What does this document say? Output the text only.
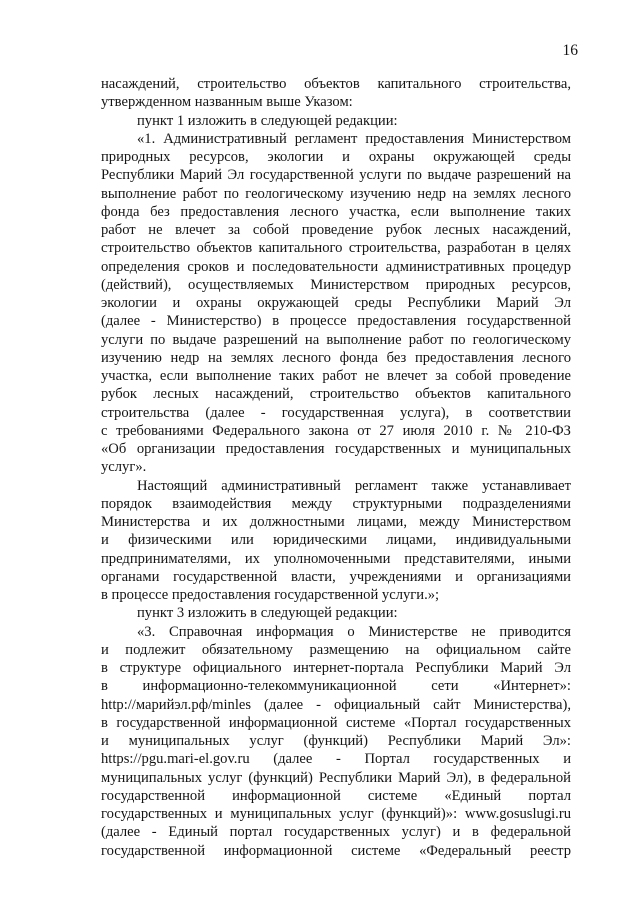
16
насаждений, строительство объектов капитального строительства,
утвержденном названным выше Указом:
пункт 1 изложить в следующей редакции:
«1. Административный регламент предоставления Министерством
природных ресурсов, экологии и охраны окружающей среды
Республики Марий Эл государственной услуги по выдаче разрешений на
выполнение работ по геологическому изучению недр на землях лесного
фонда без предоставления лесного участка, если выполнение таких
работ не влечет за собой проведение рубок лесных насаждений,
строительство объектов капитального строительства, разработан в целях
определения сроков и последовательности административных процедур
(действий), осуществляемых Министерством природных ресурсов,
экологии и охраны окружающей среды Республики Марий Эл
(далее - Министерство) в процессе предоставления государственной
услуги по выдаче разрешений на выполнение работ по геологическому
изучению недр на землях лесного фонда без предоставления лесного
участка, если выполнение таких работ не влечет за собой проведение
рубок лесных насаждений, строительство объектов капитального
строительства (далее - государственная услуга), в соответствии
с требованиями Федерального закона от 27 июля 2010 г. № 210-ФЗ
«Об организации предоставления государственных и муниципальных
услуг».
Настоящий административный регламент также устанавливает
порядок взаимодействия между структурными подразделениями
Министерства и их должностными лицами, между Министерством
и физическими или юридическими лицами, индивидуальными
предпринимателями, их уполномоченными представителями, иными
органами государственной власти, учреждениями и организациями
в процессе предоставления государственной услуги.»;
пункт 3 изложить в следующей редакции:
«3. Справочная информация о Министерстве не приводится
и подлежит обязательному размещению на официальном сайте
в структуре официального интернет-портала Республики Марий Эл
в информационно-телекоммуникационной сети «Интернет»:
http://марийэл.рф/minles (далее - официальный сайт Министерства),
в государственной информационной системе «Портал государственных
и муниципальных услуг (функций) Республики Марий Эл»:
https://pgu.mari-el.gov.ru (далее - Портал государственных и
муниципальных услуг (функций) Республики Марий Эл), в федеральной
государственной информационной системе «Единый портал
государственных и муниципальных услуг (функций)»: www.gosuslugi.ru
(далее - Единый портал государственных услуг) и в федеральной
государственной информационной системе «Федеральный реестр
